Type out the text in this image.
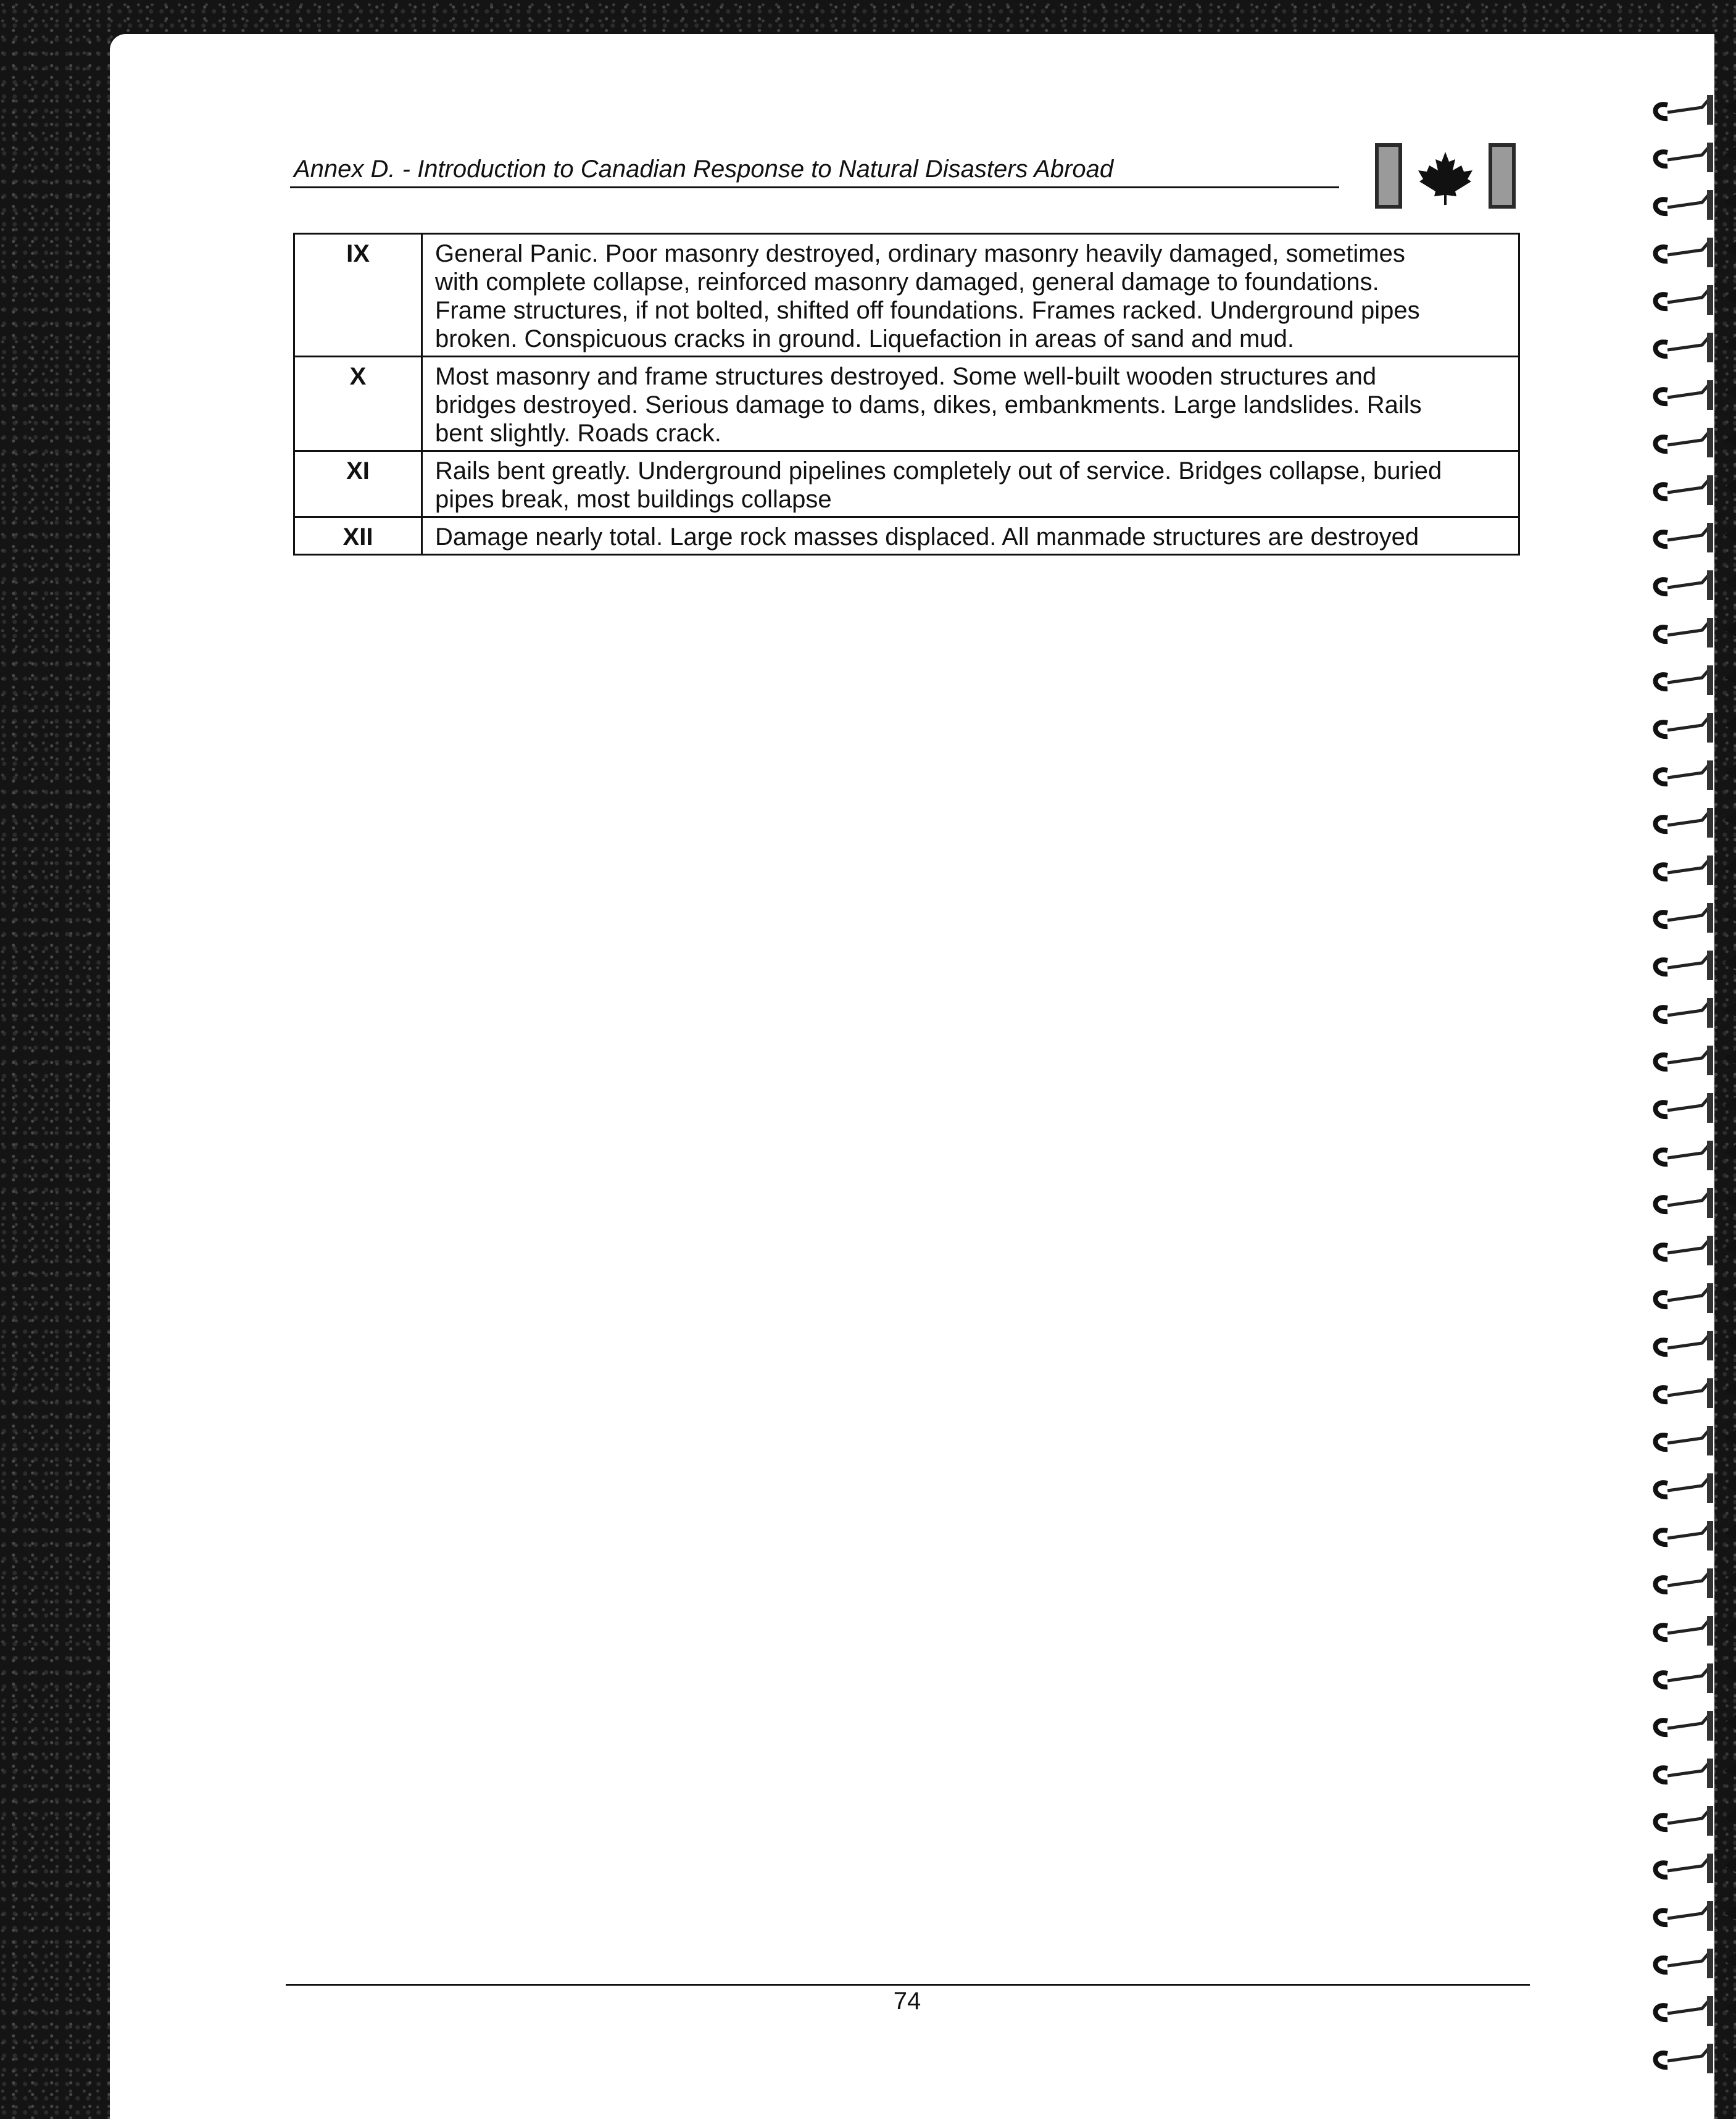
Annex D. - Introduction to Canadian Response to Natural Disasters Abroad
IX	General Panic. Poor masonry destroyed, ordinary masonry heavily damaged, sometimes
with complete collapse, reinforced masonry damaged, general damage to foundations.
Frame structures, if not bolted, shifted off foundations. Frames racked. Underground pipes
broken. Conspicuous cracks in ground. Liquefaction in areas of sand and mud.

X	Most masonry and frame structures destroyed. Some well-built wooden structures and
bridges destroyed. Serious damage to dams, dikes, embankments. Large landslides. Rails
bent slightly. Roads crack.

XI	Rails bent greatly. Underground pipelines completely out of service. Bridges collapse, buried
pipes break, most buildings collapse

XII	Damage nearly total. Large rock masses displaced. All manmade structures are destroyed
74
